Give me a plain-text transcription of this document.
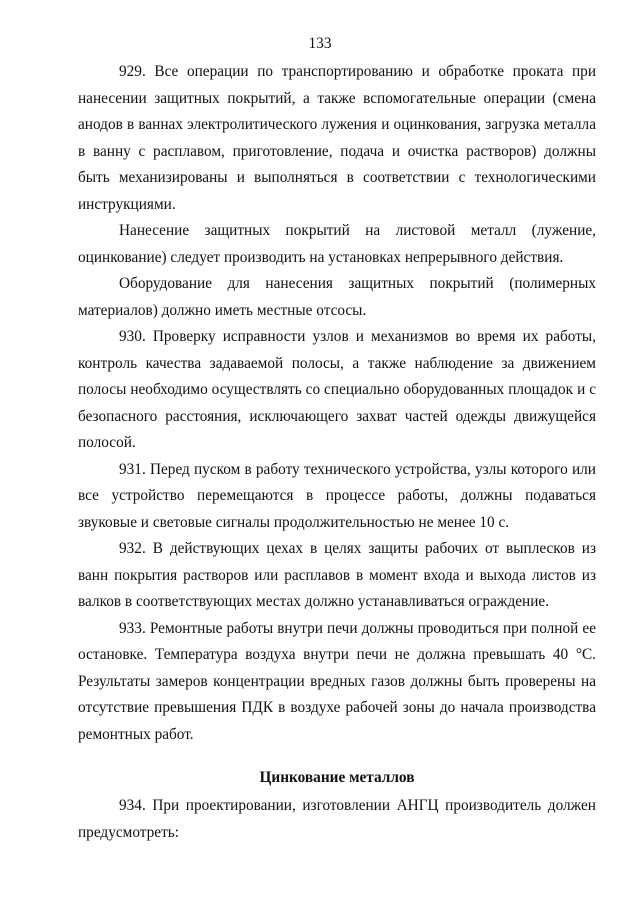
133

929. Все операции по транспортированию и обработке проката при нанесении защитных покрытий, а также вспомогательные операции (смена анодов в ваннах электролитического лужения и оцинкования, загрузка металла в ванну с расплавом, приготовление, подача и очистка растворов) должны быть механизированы и выполняться в соответствии с технологическими инструкциями.

Нанесение защитных покрытий на листовой металл (лужение, оцинкование) следует производить на установках непрерывного действия.

Оборудование для нанесения защитных покрытий (полимерных материалов) должно иметь местные отсосы.

930. Проверку исправности узлов и механизмов во время их работы, контроль качества задаваемой полосы, а также наблюдение за движением полосы необходимо осуществлять со специально оборудованных площадок и с безопасного расстояния, исключающего захват частей одежды движущейся полосой.

931. Перед пуском в работу технического устройства, узлы которого или все устройство перемещаются в процессе работы, должны подаваться звуковые и световые сигналы продолжительностью не менее 10 с.

932. В действующих цехах в целях защиты рабочих от выплесков из ванн покрытия растворов или расплавов в момент входа и выхода листов из валков в соответствующих местах должно устанавливаться ограждение.

933. Ремонтные работы внутри печи должны проводиться при полной ее остановке. Температура воздуха внутри печи не должна превышать 40 °С. Результаты замеров концентрации вредных газов должны быть проверены на отсутствие превышения ПДК в воздухе рабочей зоны до начала производства ремонтных работ.

Цинкование металлов

934. При проектировании, изготовлении АНГЦ производитель должен предусмотреть:
